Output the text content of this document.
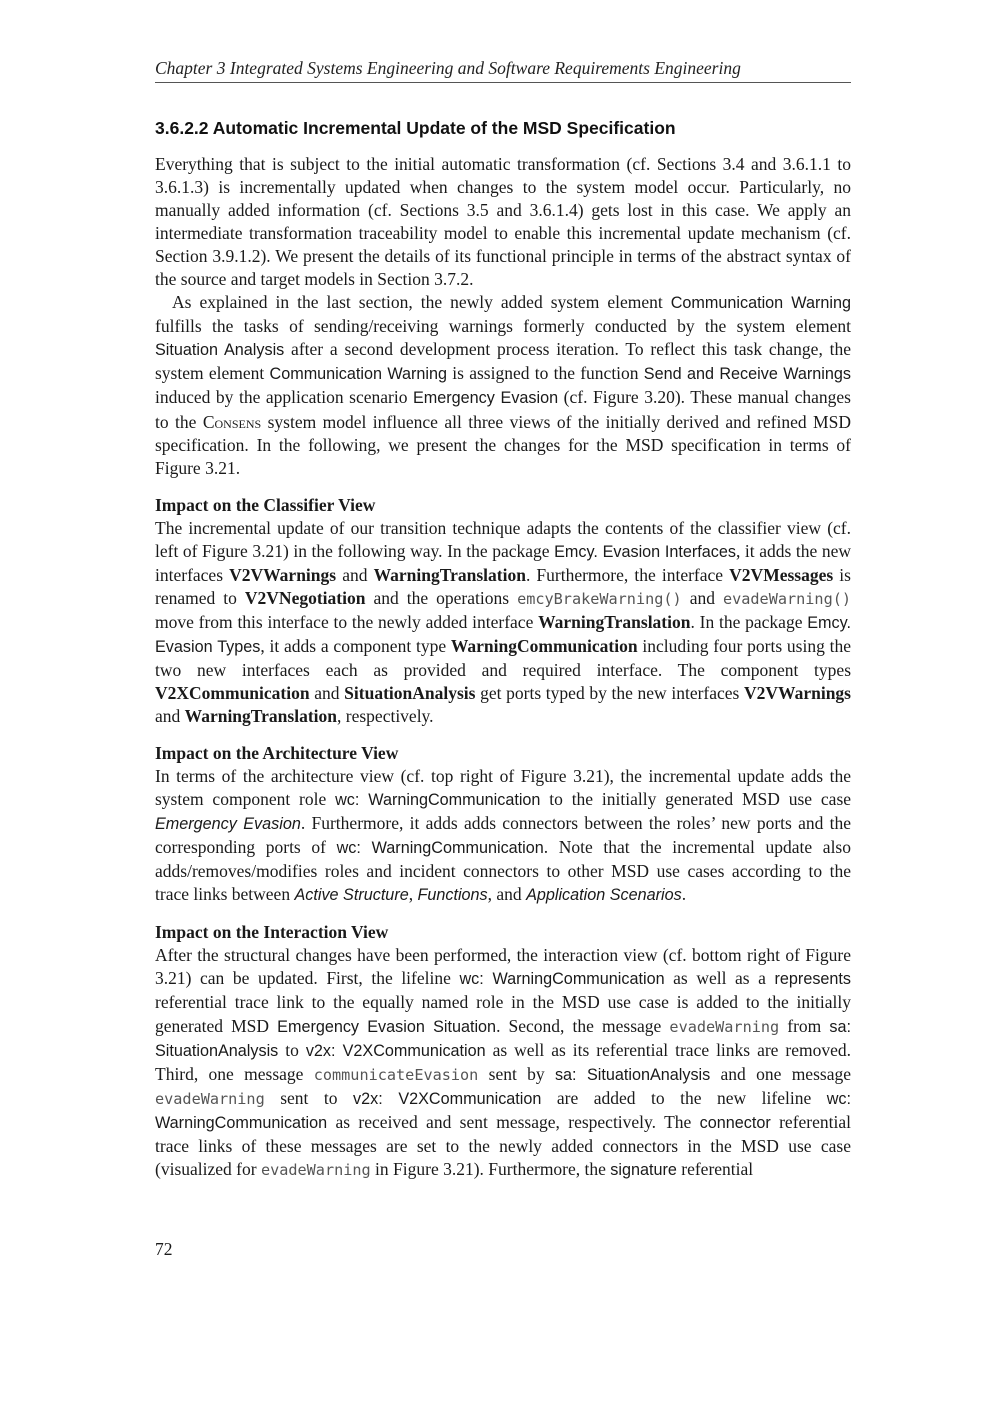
Chapter 3 Integrated Systems Engineering and Software Requirements Engineering
3.6.2.2 Automatic Incremental Update of the MSD Specification

Everything that is subject to the initial automatic transformation (cf. Sections 3.4 and 3.6.1.1 to 3.6.1.3) is incrementally updated when changes to the system model occur. Particularly, no manually added information (cf. Sections 3.5 and 3.6.1.4) gets lost in this case. We apply an intermediate transformation traceability model to enable this incremental update mechanism (cf. Section 3.9.1.2). We present the details of its functional principle in terms of the abstract syntax of the source and target models in Section 3.7.2.

As explained in the last section, the newly added system element Communication Warning fulfills the tasks of sending/receiving warnings formerly conducted by the system element Situation Analysis after a second development process iteration. To reflect this task change, the system element Communication Warning is assigned to the function Send and Receive Warnings induced by the application scenario Emergency Evasion (cf. Figure 3.20). These manual changes to the Consens system model influence all three views of the initially derived and refined MSD specification. In the following, we present the changes for the MSD specification in terms of Figure 3.21.

Impact on the Classifier View

The incremental update of our transition technique adapts the contents of the classifier view (cf. left of Figure 3.21) in the following way. In the package Emcy. Evasion Interfaces, it adds the new interfaces V2VWarnings and WarningTranslation. Furthermore, the interface V2VMessages is renamed to V2VNegotiation and the operations emcyBrakeWarning() and evadeWarning() move from this interface to the newly added interface WarningTranslation. In the package Emcy. Evasion Types, it adds a component type WarningCommunication including four ports using the two new interfaces each as provided and required interface. The component types V2XCommunication and SituationAnalysis get ports typed by the new interfaces V2VWarnings and WarningTranslation, respectively.

Impact on the Architecture View

In terms of the architecture view (cf. top right of Figure 3.21), the incremental update adds the system component role wc: WarningCommunication to the initially generated MSD use case Emergency Evasion. Furthermore, it adds adds connectors between the roles’ new ports and the corresponding ports of wc: WarningCommunication. Note that the incremental update also adds/removes/modifies roles and incident connectors to other MSD use cases according to the trace links between Active Structure, Functions, and Application Scenarios.

Impact on the Interaction View

After the structural changes have been performed, the interaction view (cf. bottom right of Figure 3.21) can be updated. First, the lifeline wc: WarningCommunication as well as a represents referential trace link to the equally named role in the MSD use case is added to the initially generated MSD Emergency Evasion Situation. Second, the message evadeWarning from sa: SituationAnalysis to v2x: V2XCommunication as well as its referential trace links are removed. Third, one message communicateEvasion sent by sa: SituationAnalysis and one message evadeWarning sent to v2x: V2XCommunication are added to the new lifeline wc: WarningCommunication as received and sent message, respectively. The connector referential trace links of these messages are set to the newly added connectors in the MSD use case (visualized for evadeWarning in Figure 3.21). Furthermore, the signature referential

72
